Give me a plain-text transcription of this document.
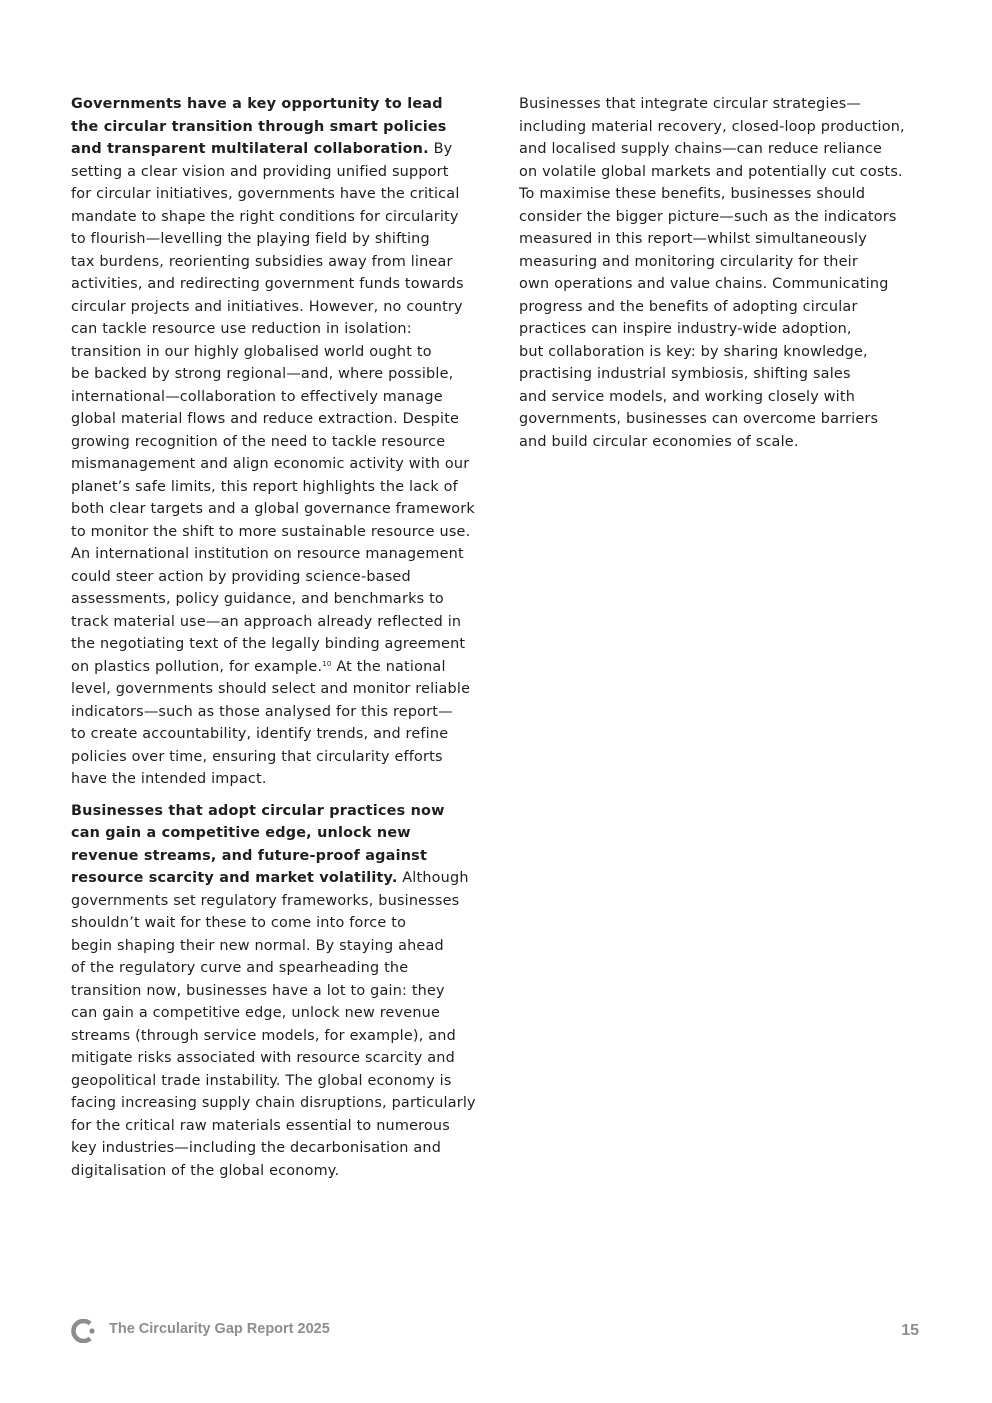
Governments have a key opportunity to lead
the circular transition through smart policies
and transparent multilateral collaboration. By
setting a clear vision and providing unified support
for circular initiatives, governments have the critical
mandate to shape the right conditions for circularity
to flourish—levelling the playing field by shifting
tax burdens, reorienting subsidies away from linear
activities, and redirecting government funds towards
circular projects and initiatives. However, no country
can tackle resource use reduction in isolation:
transition in our highly globalised world ought to
be backed by strong regional—and, where possible,
international—collaboration to effectively manage
global material flows and reduce extraction. Despite
growing recognition of the need to tackle resource
mismanagement and align economic activity with our
planet’s safe limits, this report highlights the lack of
both clear targets and a global governance framework
to monitor the shift to more sustainable resource use.
An international institution on resource management
could steer action by providing science-based
assessments, policy guidance, and benchmarks to
track material use—an approach already reflected in
the negotiating text of the legally binding agreement
on plastics pollution, for example.$^{10}$ At the national
level, governments should select and monitor reliable
indicators—such as those analysed for this report—
to create accountability, identify trends, and refine
policies over time, ensuring that circularity efforts
have the intended impact.
Businesses that adopt circular practices now
can gain a competitive edge, unlock new
revenue streams, and future-proof against
resource scarcity and market volatility. Although
governments set regulatory frameworks, businesses
shouldn’t wait for these to come into force to
begin shaping their new normal. By staying ahead
of the regulatory curve and spearheading the
transition now, businesses have a lot to gain: they
can gain a competitive edge, unlock new revenue
streams (through service models, for example), and
mitigate risks associated with resource scarcity and
geopolitical trade instability. The global economy is
facing increasing supply chain disruptions, particularly
for the critical raw materials essential to numerous
key industries—including the decarbonisation and
digitalisation of the global economy.
Businesses that integrate circular strategies—
including material recovery, closed-loop production,
and localised supply chains—can reduce reliance
on volatile global markets and potentially cut costs.
To maximise these benefits, businesses should
consider the bigger picture—such as the indicators
measured in this report—whilst simultaneously
measuring and monitoring circularity for their
own operations and value chains. Communicating
progress and the benefits of adopting circular
practices can inspire industry-wide adoption,
but collaboration is key: by sharing knowledge,
practising industrial symbiosis, shifting sales
and service models, and working closely with
governments, businesses can overcome barriers
and build circular economies of scale.
The Circularity Gap Report 2025	15
